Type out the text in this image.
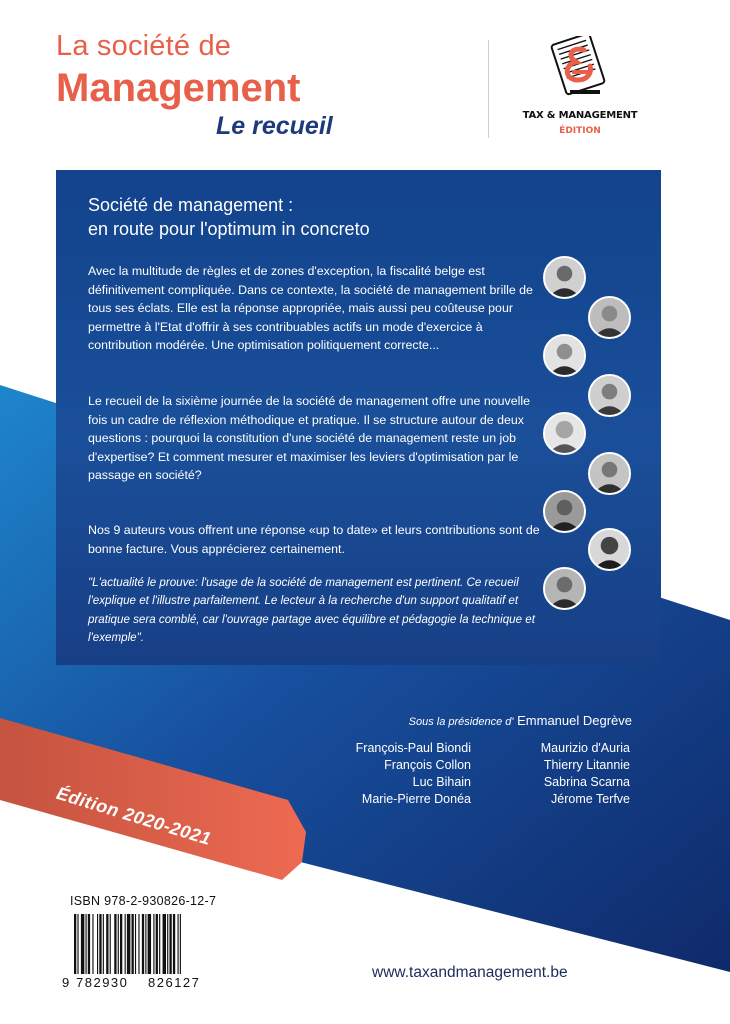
La société de
Management
Le recueil	TAX & MANAGEMENT
ÉDITION
Société de management :
en route pour l'optimum in concreto
Avec la multitude de règles et de zones d'exception, la fiscalité belge est définitivement compliquée. Dans ce contexte, la société de management brille de tous ses éclats. Elle est la réponse appropriée, mais aussi peu coûteuse pour permettre à l'Etat d'offrir à ses contribuables actifs un mode d'exercice à contribution modérée. Une optimisation politiquement correcte...
Le recueil de la sixième journée de la société de management offre une nouvelle fois un cadre de réflexion méthodique et pratique. Il se structure autour de deux questions : pourquoi la constitution d'une société de management reste un job d'expertise? Et comment mesurer et maximiser les leviers d'optimisation par le passage en société?
Nos 9 auteurs vous offrent une réponse «up to date» et leurs contributions sont de bonne facture. Vous apprécierez certainement.
"L'actualité le prouve: l'usage de la société de management est pertinent. Ce recueil l'explique et l'illustre parfaitement. Le lecteur à la recherche d'un support qualitatif et pratique sera comblé, car l'ouvrage partage avec équilibre et pédagogie la technique et l'exemple".
Sous la présidence d' Emmanuel Degrève
François-Paul Biondi
François Collon
Luc Bihain
Marie-Pierre Donéa
Maurizio d'Auria
Thierry Litannie
Sabrina Scarna
Jérome Terfve
Édition 2020-2021
ISBN 978-2-930826-12-7
9 782930 826127
www.taxandmanagement.be
